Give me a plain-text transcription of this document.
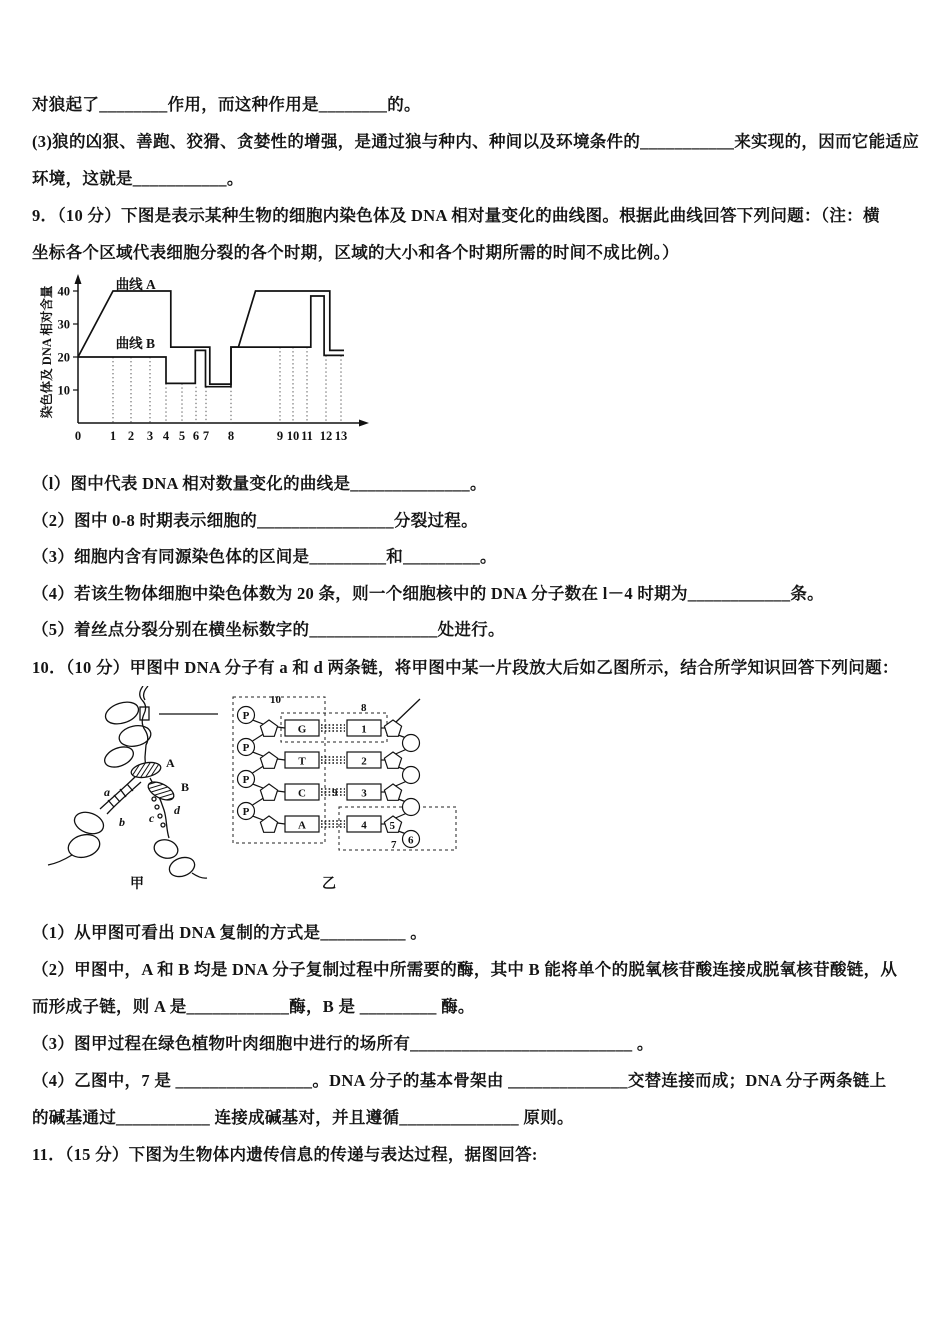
对狼起了________作用，而这种作用是________的。
(3)狼的凶狠、善跑、狡猾、贪婪性的增强，是通过狼与种内、种间以及环境条件的___________来实现的，因而它能适应
环境，这就是___________。
9．（10 分）下图是表示某种生物的细胞内染色体及 DNA 相对量变化的曲线图。根据此曲线回答下列问题：（注：横
坐标各个区域代表细胞分裂的各个时期，区域的大小和各个时期所需的时间不成比例。）
染色体及 DNA 相对含量 10
20
30
40
0 1 2 3 4 5 6 7 8	9 10 11 12 13
曲线 A
曲线 B
（l）图中代表 DNA 相对数量变化的曲线是______________。
（2）图中 0-8 时期表示细胞的________________分裂过程。
（3）细胞内含有同源染色体的区间是_________和_________。
（4）若该生物体细胞中染色体数为 20 条，则一个细胞核中的 DNA 分子数在 l－4 时期为____________条。
（5）着丝点分裂分别在横坐标数字的_______________处进行。
10．（10 分）甲图中 DNA 分子有 a 和 d 两条链，将甲图中某一片段放大后如乙图所示，结合所学知识回答下列问题：
A
B
a
b c
d
甲
P
G	1
P
T	2
P
C	3
P
A	4
10
8
9
7
5
6
乙
（1）从甲图可看出 DNA 复制的方式是__________ 。
（2）甲图中，A 和 B 均是 DNA 分子复制过程中所需要的酶，其中 B 能将单个的脱氧核苷酸连接成脱氧核苷酸链，从
而形成子链，则 A 是____________酶，B 是 _________ 酶。
（3）图甲过程在绿色植物叶肉细胞中进行的场所有__________________________ 。
（4）乙图中，7 是 ________________。DNA 分子的基本骨架由 ______________交替连接而成；DNA 分子两条链上
的碱基通过___________ 连接成碱基对，并且遵循______________ 原则。
11．（15 分）下图为生物体内遗传信息的传递与表达过程，据图回答:
